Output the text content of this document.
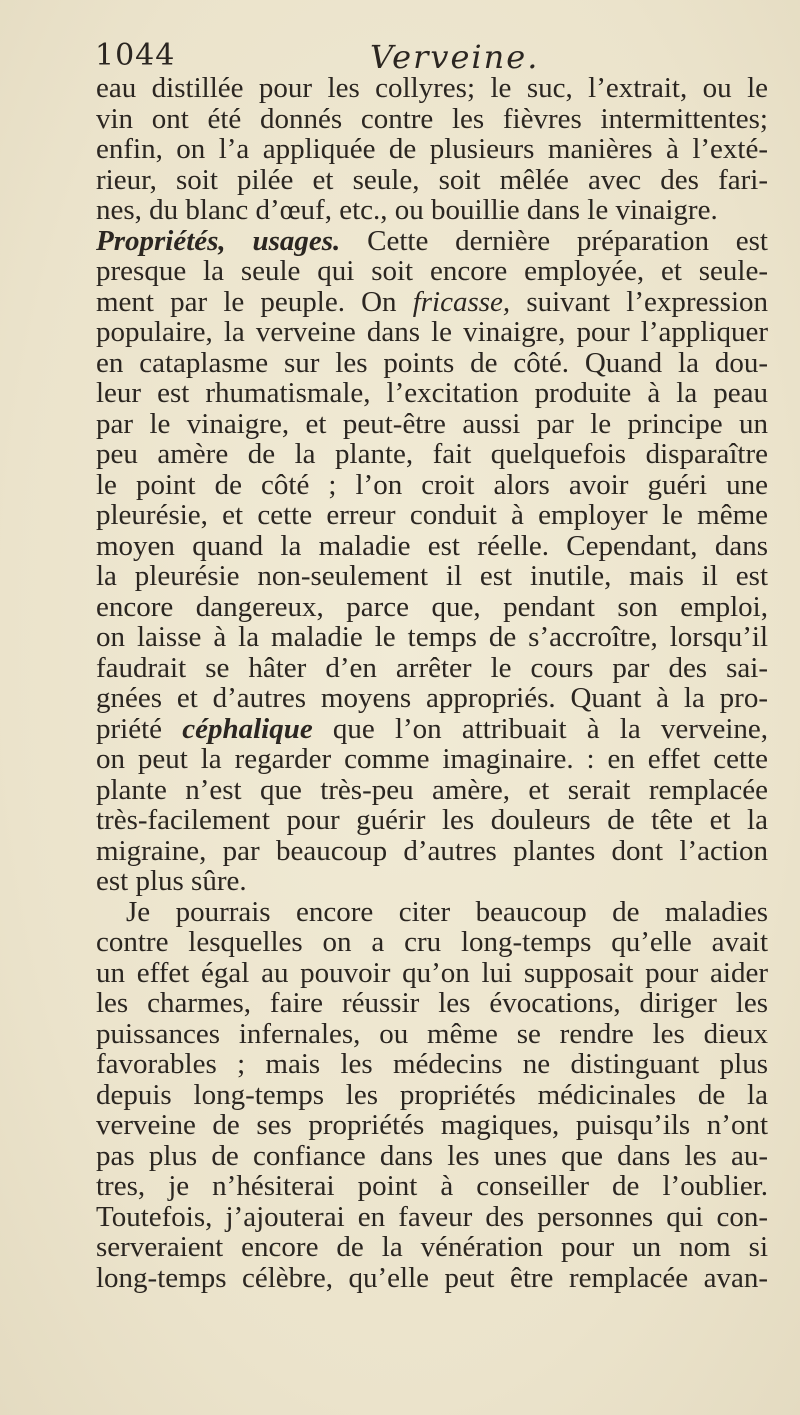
1044	Verveine.
eau distillée pour les collyres; le suc, l’extrait, ou le
vin ont été donnés contre les fièvres intermittentes;
enfin, on l’a appliquée de plusieurs manières à l’exté-
rieur, soit pilée et seule, soit mêlée avec des fari-
nes, du blanc d’œuf, etc., ou bouillie dans le vinaigre.
Propriétés, usages. Cette dernière préparation est
presque la seule qui soit encore employée, et seule-
ment par le peuple. On fricasse, suivant l’expression
populaire, la verveine dans le vinaigre, pour l’appliquer
en cataplasme sur les points de côté. Quand la dou-
leur est rhumatismale, l’excitation produite à la peau
par le vinaigre, et peut-être aussi par le principe un
peu amère de la plante, fait quelquefois disparaître
le point de côté ; l’on croit alors avoir guéri une
pleurésie, et cette erreur conduit à employer le même
moyen quand la maladie est réelle. Cependant, dans
la pleurésie non-seulement il est inutile, mais il est
encore dangereux, parce que, pendant son emploi,
on laisse à la maladie le temps de s’accroître, lorsqu’il
faudrait se hâter d’en arrêter le cours par des sai-
gnées et d’autres moyens appropriés. Quant à la pro-
priété céphalique que l’on attribuait à la verveine,
on peut la regarder comme imaginaire. : en effet cette
plante n’est que très-peu amère, et serait remplacée
très-facilement pour guérir les douleurs de tête et la
migraine, par beaucoup d’autres plantes dont l’action
est plus sûre.
Je pourrais encore citer beaucoup de maladies
contre lesquelles on a cru long-temps qu’elle avait
un effet égal au pouvoir qu’on lui supposait pour aider
les charmes, faire réussir les évocations, diriger les
puissances infernales, ou même se rendre les dieux
favorables ; mais les médecins ne distinguant plus
depuis long-temps les propriétés médicinales de la
verveine de ses propriétés magiques, puisqu’ils n’ont
pas plus de confiance dans les unes que dans les au-
tres, je n’hésiterai point à conseiller de l’oublier.
Toutefois, j’ajouterai en faveur des personnes qui con-
serveraient encore de la vénération pour un nom si
long-temps célèbre, qu’elle peut être remplacée avan-
